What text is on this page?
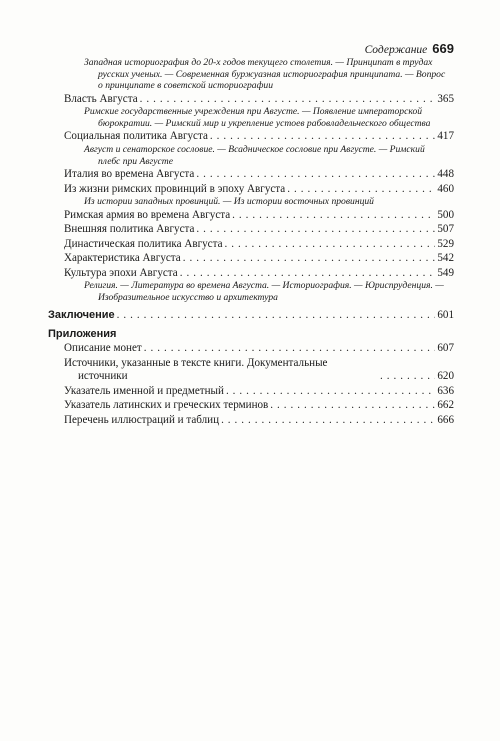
Содержание 669
Западная историография до 20-х годов текущего столетия. — Принципат в трудах русских ученых. — Современная буржуазная историография принципата. — Вопрос о принципате в советской историографии
Власть Августа . . .	365
Римские государственные учреждения при Августе. — Появление императорской бюрократии. — Римский мир и укрепление устоев рабовладельческого общества
Социальная политика Августа . . .	417
Август и сенаторское сословие. — Всадническое сословие при Августе. — Римский плебс при Августе
Италия во времена Августа . . .	448
Из жизни римских провинций в эпоху Августа . . .	460
Из истории западных провинций. — Из истории восточных провинций
Римская армия во времена Августа . . .	500
Внешняя политика Августа . . .	507
Династическая политика Августа . . .	529
Характеристика Августа . . .	542
Культура эпохи Августа . . .	549
Религия. — Литература во времена Августа. — Историография. — Юриспруденция. — Изобразительное искусство и архитектура
Заключение . . .	601
Приложения
Описание монет . . .	607
Источники, указанные в тексте книги. Документальные источники . . .	620
Указатель именной и предметный . . .	636
Указатель латинских и греческих терминов . . .	662
Перечень иллюстраций и таблиц . . .	666
